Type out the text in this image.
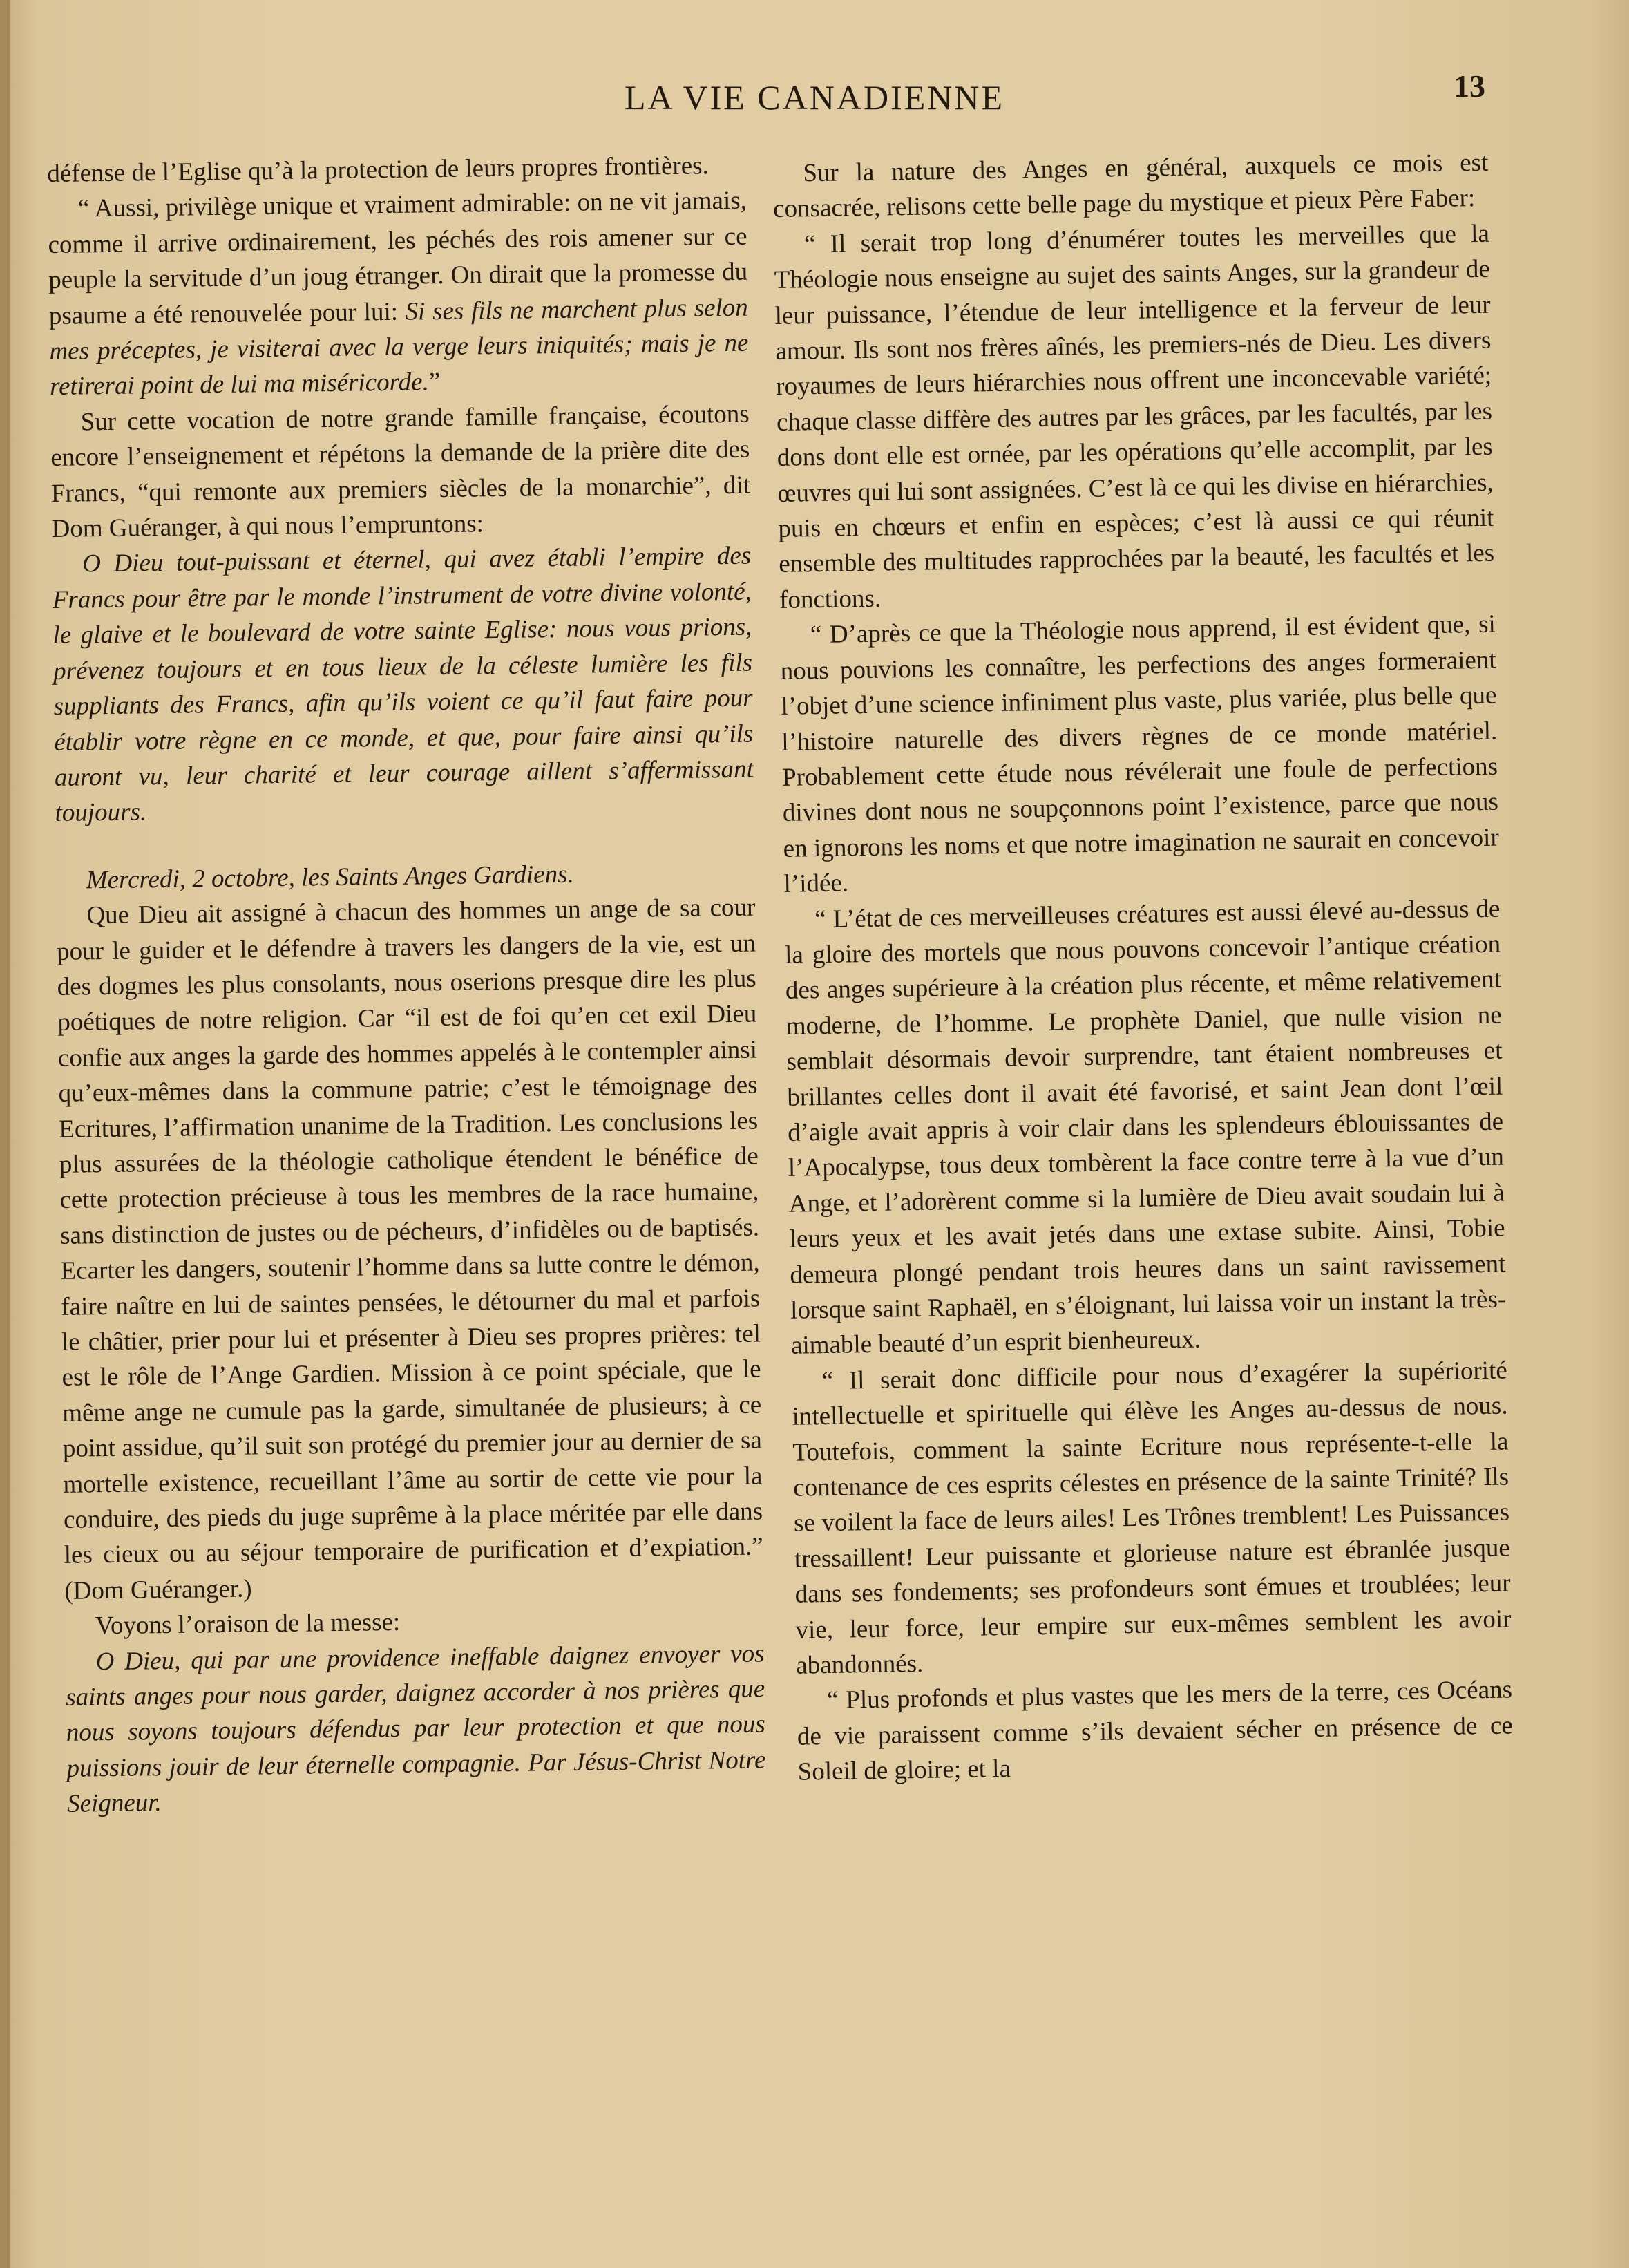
LA VIE CANADIENNE	13

défense de l’Eglise qu’à la protection de leurs propres frontières.

“ Aussi, privilège unique et vraiment admirable: on ne vit jamais, comme il arrive ordinairement, les péchés des rois amener sur ce peuple la servitude d’un joug étranger. On dirait que la promesse du psaume a été renouvelée pour lui: Si ses fils ne marchent plus selon mes préceptes, je visiterai avec la verge leurs iniquités; mais je ne retirerai point de lui ma miséricorde.”

Sur cette vocation de notre grande famille française, écoutons encore l’enseignement et répétons la demande de la prière dite des Francs, “qui remonte aux premiers siècles de la monarchie”, dit Dom Guéranger, à qui nous l’empruntons:

O Dieu tout-puissant et éternel, qui avez établi l’empire des Francs pour être par le monde l’instrument de votre divine volonté, le glaive et le boulevard de votre sainte Eglise: nous vous prions, prévenez toujours et en tous lieux de la céleste lumière les fils suppliants des Francs, afin qu’ils voient ce qu’il faut faire pour établir votre règne en ce monde, et que, pour faire ainsi qu’ils auront vu, leur charité et leur courage aillent s’affermissant toujours.

Mercredi, 2 octobre, les Saints Anges Gardiens.

Que Dieu ait assigné à chacun des hommes un ange de sa cour pour le guider et le défendre à travers les dangers de la vie, est un des dogmes les plus consolants, nous oserions presque dire les plus poétiques de notre religion. Car “il est de foi qu’en cet exil Dieu confie aux anges la garde des hommes appelés à le contempler ainsi qu’eux-mêmes dans la commune patrie; c’est le témoignage des Ecritures, l’affirmation unanime de la Tradition. Les conclusions les plus assurées de la théologie catholique étendent le bénéfice de cette protection précieuse à tous les membres de la race humaine, sans distinction de justes ou de pécheurs, d’infidèles ou de baptisés. Ecarter les dangers, soutenir l’homme dans sa lutte contre le démon, faire naître en lui de saintes pensées, le détourner du mal et parfois le châtier, prier pour lui et présenter à Dieu ses propres prières: tel est le rôle de l’Ange Gardien. Mission à ce point spéciale, que le même ange ne cumule pas la garde, simultanée de plusieurs; à ce point assidue, qu’il suit son protégé du premier jour au dernier de sa mortelle existence, recueillant l’âme au sortir de cette vie pour la conduire, des pieds du juge suprême à la place méritée par elle dans les cieux ou au séjour temporaire de purification et d’expiation.” (Dom Guéranger.)

Voyons l’oraison de la messe:

O Dieu, qui par une providence ineffable daignez envoyer vos saints anges pour nous garder, daignez accorder à nos prières que nous soyons toujours défendus par leur protection et que nous puissions jouir de leur éternelle compagnie. Par Jésus-Christ Notre Seigneur.

Sur la nature des Anges en général, auxquels ce mois est consacrée, relisons cette belle page du mystique et pieux Père Faber:

“ Il serait trop long d’énumérer toutes les merveilles que la Théologie nous enseigne au sujet des saints Anges, sur la grandeur de leur puissance, l’étendue de leur intelligence et la ferveur de leur amour. Ils sont nos frères aînés, les premiers-nés de Dieu. Les divers royaumes de leurs hiérarchies nous offrent une inconcevable variété; chaque classe diffère des autres par les grâces, par les facultés, par les dons dont elle est ornée, par les opérations qu’elle accomplit, par les œuvres qui lui sont assignées. C’est là ce qui les divise en hiérarchies, puis en chœurs et enfin en espèces; c’est là aussi ce qui réunit ensemble des multitudes rapprochées par la beauté, les facultés et les fonctions.

“ D’après ce que la Théologie nous apprend, il est évident que, si nous pouvions les connaître, les perfections des anges formeraient l’objet d’une science infiniment plus vaste, plus variée, plus belle que l’histoire naturelle des divers règnes de ce monde matériel. Probablement cette étude nous révélerait une foule de perfections divines dont nous ne soupçonnons point l’existence, parce que nous en ignorons les noms et que notre imagination ne saurait en concevoir l’idée.

“ L’état de ces merveilleuses créatures est aussi élevé au-dessus de la gloire des mortels que nous pouvons concevoir l’antique création des anges supérieure à la création plus récente, et même relativement moderne, de l’homme. Le prophète Daniel, que nulle vision ne semblait désormais devoir surprendre, tant étaient nombreuses et brillantes celles dont il avait été favorisé, et saint Jean dont l’œil d’aigle avait appris à voir clair dans les splendeurs éblouissantes de l’Apocalypse, tous deux tombèrent la face contre terre à la vue d’un Ange, et l’adorèrent comme si la lumière de Dieu avait soudain lui à leurs yeux et les avait jetés dans une extase subite. Ainsi, Tobie demeura plongé pendant trois heures dans un saint ravissement lorsque saint Raphaël, en s’éloignant, lui laissa voir un instant la très-aimable beauté d’un esprit bienheureux.

“ Il serait donc difficile pour nous d’exagérer la supériorité intellectuelle et spirituelle qui élève les Anges au-dessus de nous. Toutefois, comment la sainte Ecriture nous représente-t-elle la contenance de ces esprits célestes en présence de la sainte Trinité? Ils se voilent la face de leurs ailes! Les Trônes tremblent! Les Puissances tressaillent! Leur puissante et glorieuse nature est ébranlée jusque dans ses fondements; ses profondeurs sont émues et troublées; leur vie, leur force, leur empire sur eux-mêmes semblent les avoir abandonnés.

“ Plus profonds et plus vastes que les mers de la terre, ces Océans de vie paraissent comme s’ils devaient sécher en présence de ce Soleil de gloire; et la
